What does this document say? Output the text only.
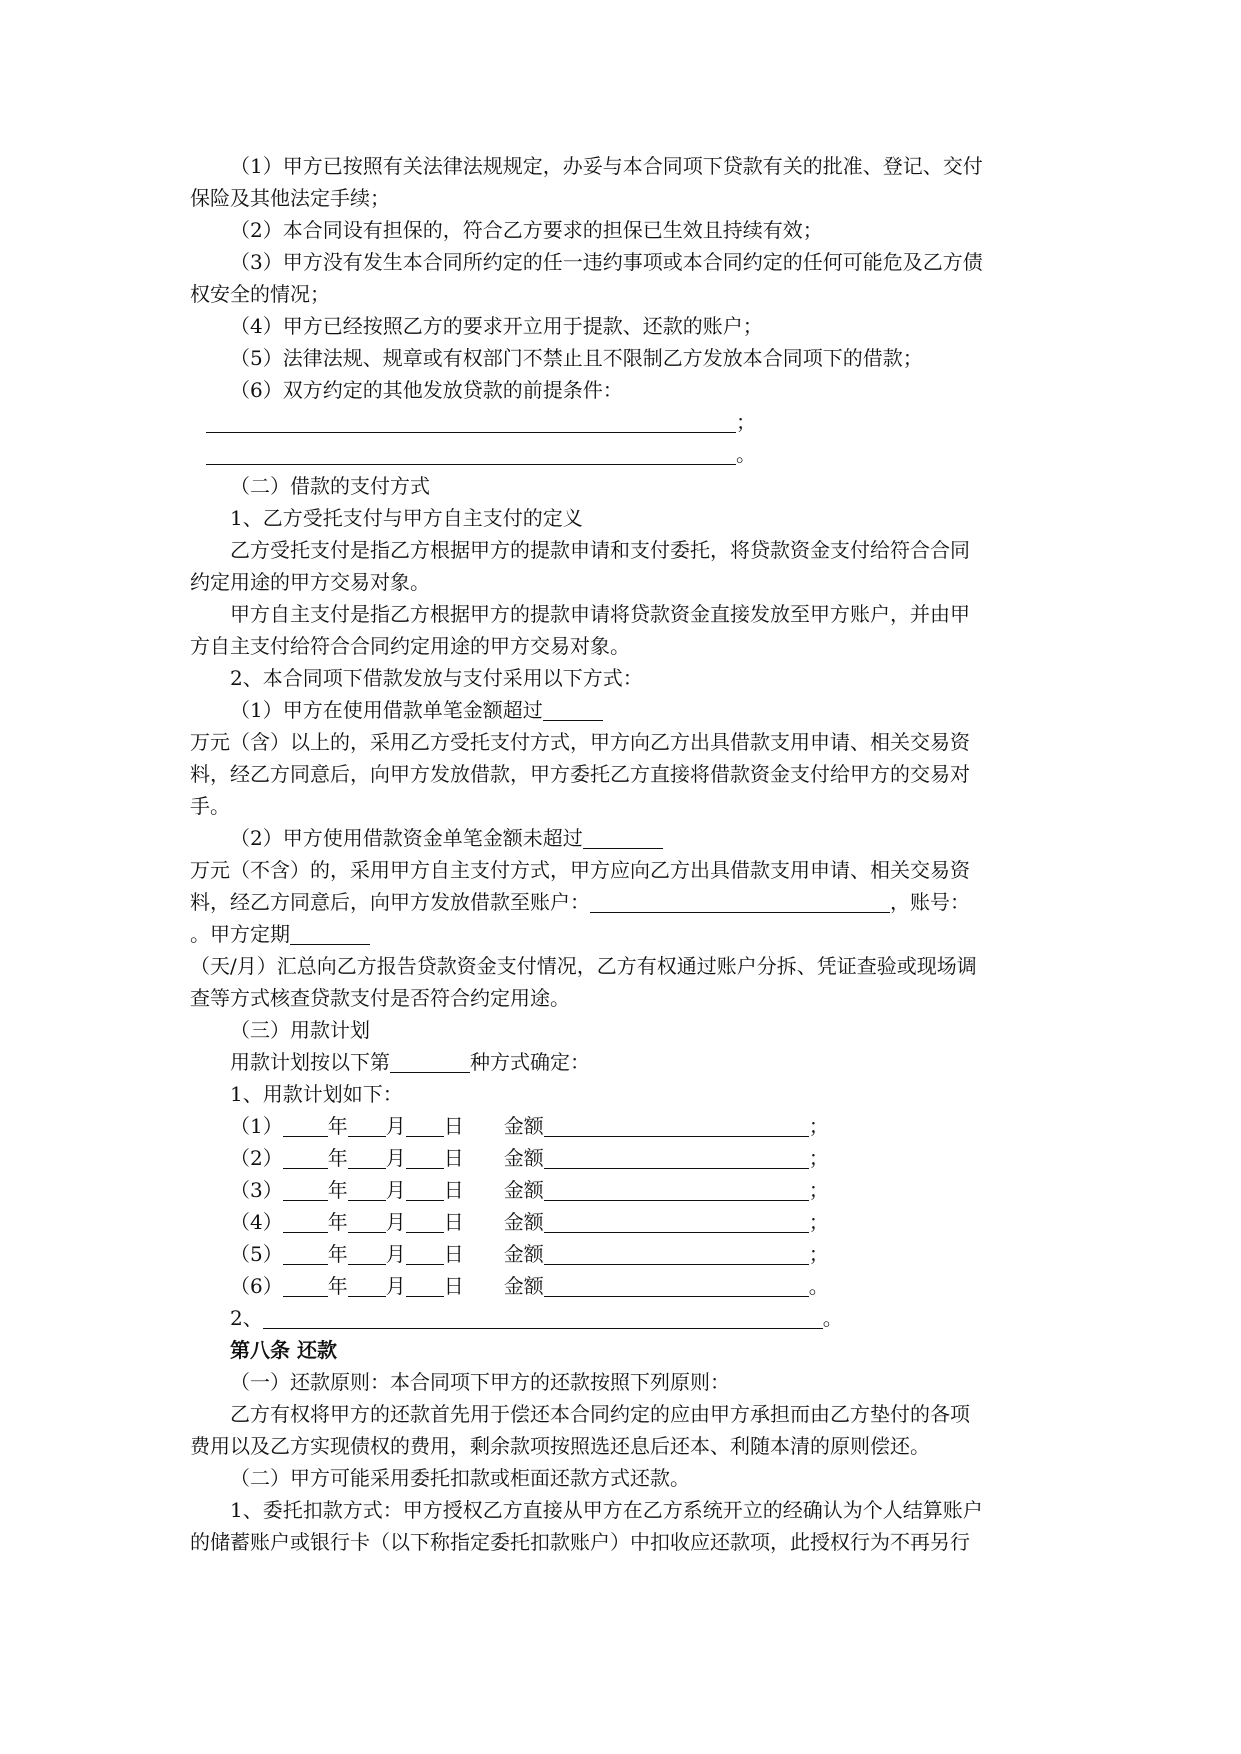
（1）甲方已按照有关法律法规规定，办妥与本合同项下贷款有关的批准、登记、交付
保险及其他法定手续；
（2）本合同设有担保的，符合乙方要求的担保已生效且持续有效；
（3）甲方没有发生本合同所约定的任一违约事项或本合同约定的任何可能危及乙方债
权安全的情况；
（4）甲方已经按照乙方的要求开立用于提款、还款的账户；
（5）法律法规、规章或有权部门不禁止且不限制乙方发放本合同项下的借款；
（6）双方约定的其他发放贷款的前提条件：
；
。
（二）借款的支付方式
1、乙方受托支付与甲方自主支付的定义
乙方受托支付是指乙方根据甲方的提款申请和支付委托，将贷款资金支付给符合合同
约定用途的甲方交易对象。
甲方自主支付是指乙方根据甲方的提款申请将贷款资金直接发放至甲方账户，并由甲
方自主支付给符合合同约定用途的甲方交易对象。
2、本合同项下借款发放与支付采用以下方式：
（1）甲方在使用借款单笔金额超过
万元（含）以上的，采用乙方受托支付方式，甲方向乙方出具借款支用申请、相关交易资
料，经乙方同意后，向甲方发放借款，甲方委托乙方直接将借款资金支付给甲方的交易对
手。
（2）甲方使用借款资金单笔金额未超过
万元（不含）的，采用甲方自主支付方式，甲方应向乙方出具借款支用申请、相关交易资
料，经乙方同意后，向甲方发放借款至账户：	，账号：
。甲方定期
（天/月）汇总向乙方报告贷款资金支付情况，乙方有权通过账户分拆、凭证查验或现场调
查等方式核查贷款支付是否符合约定用途。
（三）用款计划
用款计划按以下第	种方式确定：
1、用款计划如下：
（1） 年 月 日 金额	；
（2） 年 月 日 金额	；
（3） 年 月 日 金额	；
（4） 年 月 日 金额	；
（5） 年 月 日 金额	；
（6） 年 月 日 金额	。
2、	。
第八条 还款
（一）还款原则：本合同项下甲方的还款按照下列原则：
乙方有权将甲方的还款首先用于偿还本合同约定的应由甲方承担而由乙方垫付的各项
费用以及乙方实现债权的费用，剩余款项按照选还息后还本、利随本清的原则偿还。
（二）甲方可能采用委托扣款或柜面还款方式还款。
1、委托扣款方式：甲方授权乙方直接从甲方在乙方系统开立的经确认为个人结算账户
的储蓄账户或银行卡（以下称指定委托扣款账户）中扣收应还款项，此授权行为不再另行
